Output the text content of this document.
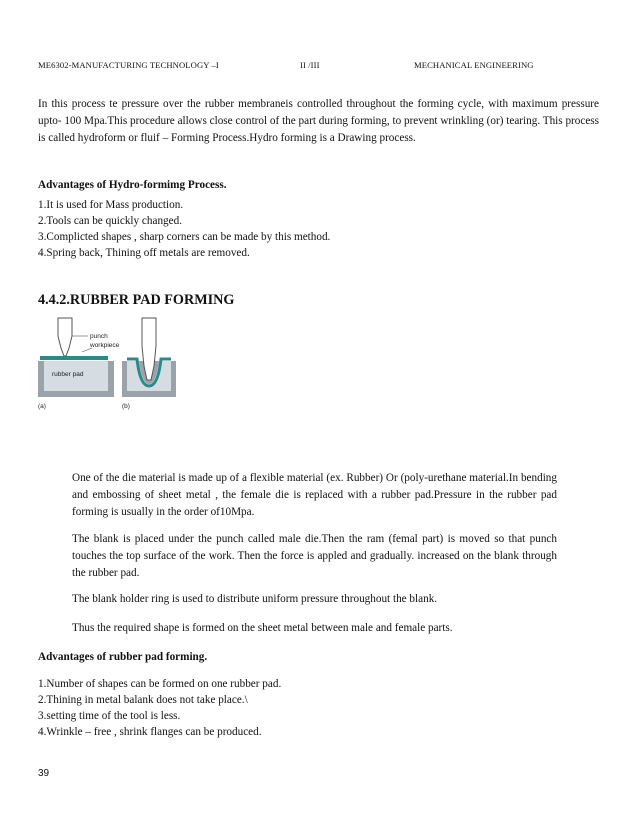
ME6302-MANUFACTURING TECHNOLOGY –I	II /III	MECHANICAL ENGINEERING

In this process te pressure over the rubber membraneis controlled throughout the forming cycle, with maximum pressure upto- 100 Mpa.This procedure allows close control of the part during forming, to prevent wrinkling (or) tearing. This process is called hydroform or fluif – Forming Process.Hydro forming is a Drawing process.

Advantages of Hydro-formimg Process.

1.It is used for Mass production.
2.Tools can be quickly changed.
3.Complicted shapes , sharp corners can be made by this method.
4.Spring back, Thining off metals are removed.

4.4.2.RUBBER PAD FORMING

punch
workpiece
rubber pad
(a)	(b)

One of the die material is made up of a flexible material (ex. Rubber) Or (poly-urethane material.In bending and embossing of sheet metal , the female die is replaced with a rubber pad.Pressure in the rubber pad forming is usually in the order of10Mpa.

The blank is placed under the punch called male die.Then the ram (femal part) is moved so that punch touches the top surface of the work. Then the force is appled and gradually. increased on the blank through the rubber pad.

The blank holder ring is used to distribute uniform pressure throughout the blank.

Thus the required shape is formed on the sheet metal between male and female parts.

Advantages of rubber pad forming.

1.Number of shapes can be formed on one rubber pad.
2.Thining in metal balank does not take place.\
3.setting time of the tool is less.
4.Wrinkle – free , shrink flanges can be produced.
39
